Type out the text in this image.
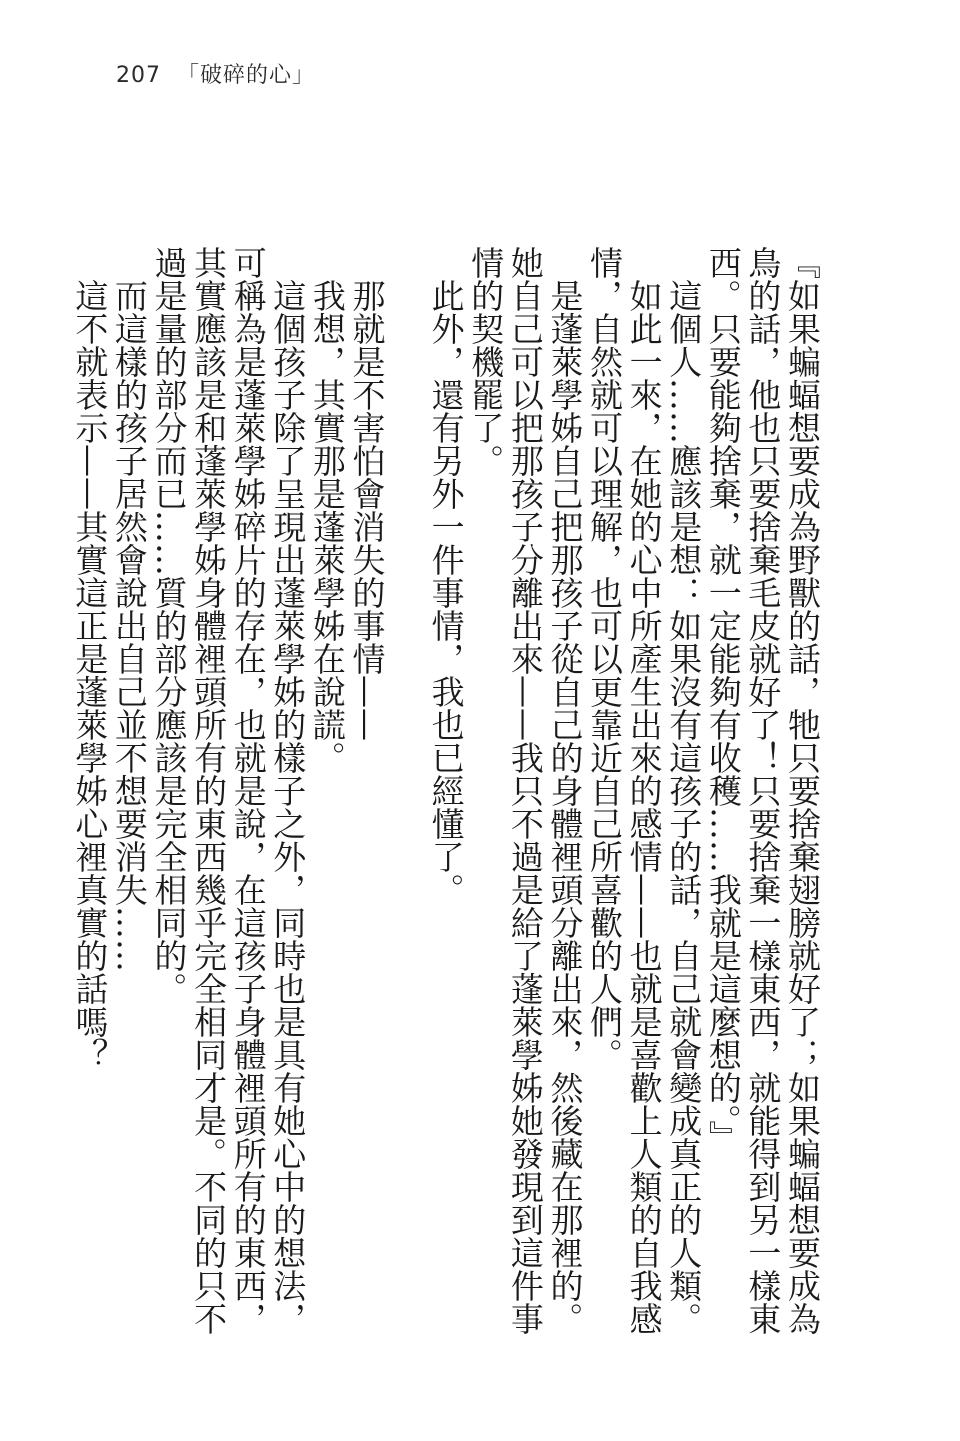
207 「破碎的心」

『如果蝙蝠想要成為野獸的話，牠只要捨棄翅膀就好了；如果蝙蝠想要成為鳥的話，他也只要捨棄毛皮就好了！只要捨棄一樣東西，就能得到另一樣東西。只要能夠捨棄，就一定能夠有收穫……我就是這麼想的。』

這個人……應該是想：如果沒有這孩子的話，自己就會變成真正的人類。

如此一來，在她的心中所產生出來的感情——也就是喜歡上人類的自我感情，自然就可以理解，也可以更靠近自己所喜歡的人們。

是蓬萊學姊自己把那孩子從自己的身體裡頭分離出來，然後藏在那裡的。

她自己可以把那孩子分離出來——我只不過是給了蓬萊學姊她發現到這件事情的契機罷了。

此外，還有另外一件事情，我也已經懂了。

那就是不害怕會消失的事情——

我想，其實那是蓬萊學姊在說謊。

這個孩子除了呈現出蓬萊學姊的樣子之外，同時也是具有她心中的想法，可稱為是蓬萊學姊碎片的存在，也就是說，在這孩子身體裡頭所有的東西，其實應該是和蓬萊學姊身體裡頭所有的東西幾乎完全相同才是。不同的只不過是量的部分而已……質的部分應該是完全相同的。

而這樣的孩子居然會說出自己並不想要消失……

這不就表示——其實這正是蓬萊學姊心裡真實的話嗎？
